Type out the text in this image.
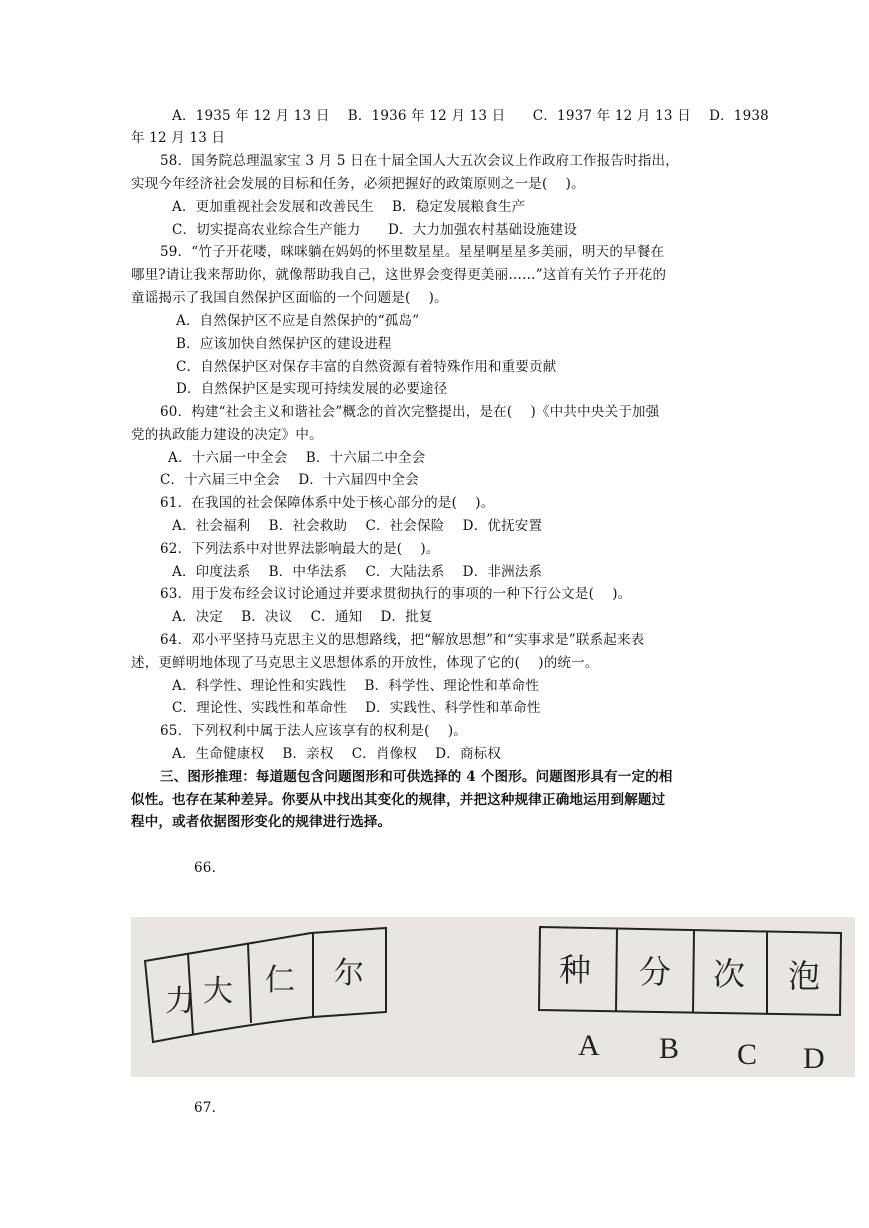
A．1935 年 12 月 13 日　 B．1936 年 12 月 13 日　　C．1937 年 12 月 13 日　 D．1938
年 12 月 13 日
58．国务院总理温家宝 3 月 5 日在十届全国人大五次会议上作政府工作报告时指出，
实现今年经济社会发展的目标和任务，必须把握好的政策原则之一是(　 )。
A．更加重视社会发展和改善民生　 B．稳定发展粮食生产
C．切实提高农业综合生产能力　　D．大力加强农村基础设施建设
59．“竹子开花喽，咪咪躺在妈妈的怀里数星星。星星啊星星多美丽，明天的早餐在
哪里?请让我来帮助你，就像帮助我自己，这世界会变得更美丽……”这首有关竹子开花的
童谣揭示了我国自然保护区面临的一个问题是(　 )。
A．自然保护区不应是自然保护的“孤岛”
B．应该加快自然保护区的建设进程
C．自然保护区对保存丰富的自然资源有着特殊作用和重要贡献
D．自然保护区是实现可持续发展的必要途径
60．构建“社会主义和谐社会”概念的首次完整提出，是在(　 )《中共中央关于加强
党的执政能力建设的决定》中。
A．十六届一中全会　 B．十六届二中全会
C．十六届三中全会　 D．十六届四中全会
61．在我国的社会保障体系中处于核心部分的是(　 )。
A．社会福利　 B．社会救助　 C．社会保险　 D．优抚安置
62．下列法系中对世界法影响最大的是(　 )。
A．印度法系　 B．中华法系　 C．大陆法系　 D．非洲法系
63．用于发布经会议讨论通过并要求贯彻执行的事项的一种下行公文是(　 )。
A．决定　 B．决议　 C．通知　 D．批复
64．邓小平坚持马克思主义的思想路线，把“解放思想”和“实事求是”联系起来表
述，更鲜明地体现了马克思主义思想体系的开放性，体现了它的(　 )的统一。
A．科学性、理论性和实践性　 B．科学性、理论性和革命性
C．理论性、实践性和革命性　 D．实践性、科学性和革命性
65．下列权利中属于法人应该享有的权利是(　 )。
A．生命健康权　 B．亲权　 C．肖像权　 D．商标权
三、图形推理：每道题包含问题图形和可供选择的 4 个图形。问题图形具有一定的相
似性。也存在某种差异。你要从中找出其变化的规律，并把这种规律正确地运用到解题过
程中，或者依据图形变化的规律进行选择。
66.
力 大 仁 尔	种 分 次 泡
A B C D
67.
